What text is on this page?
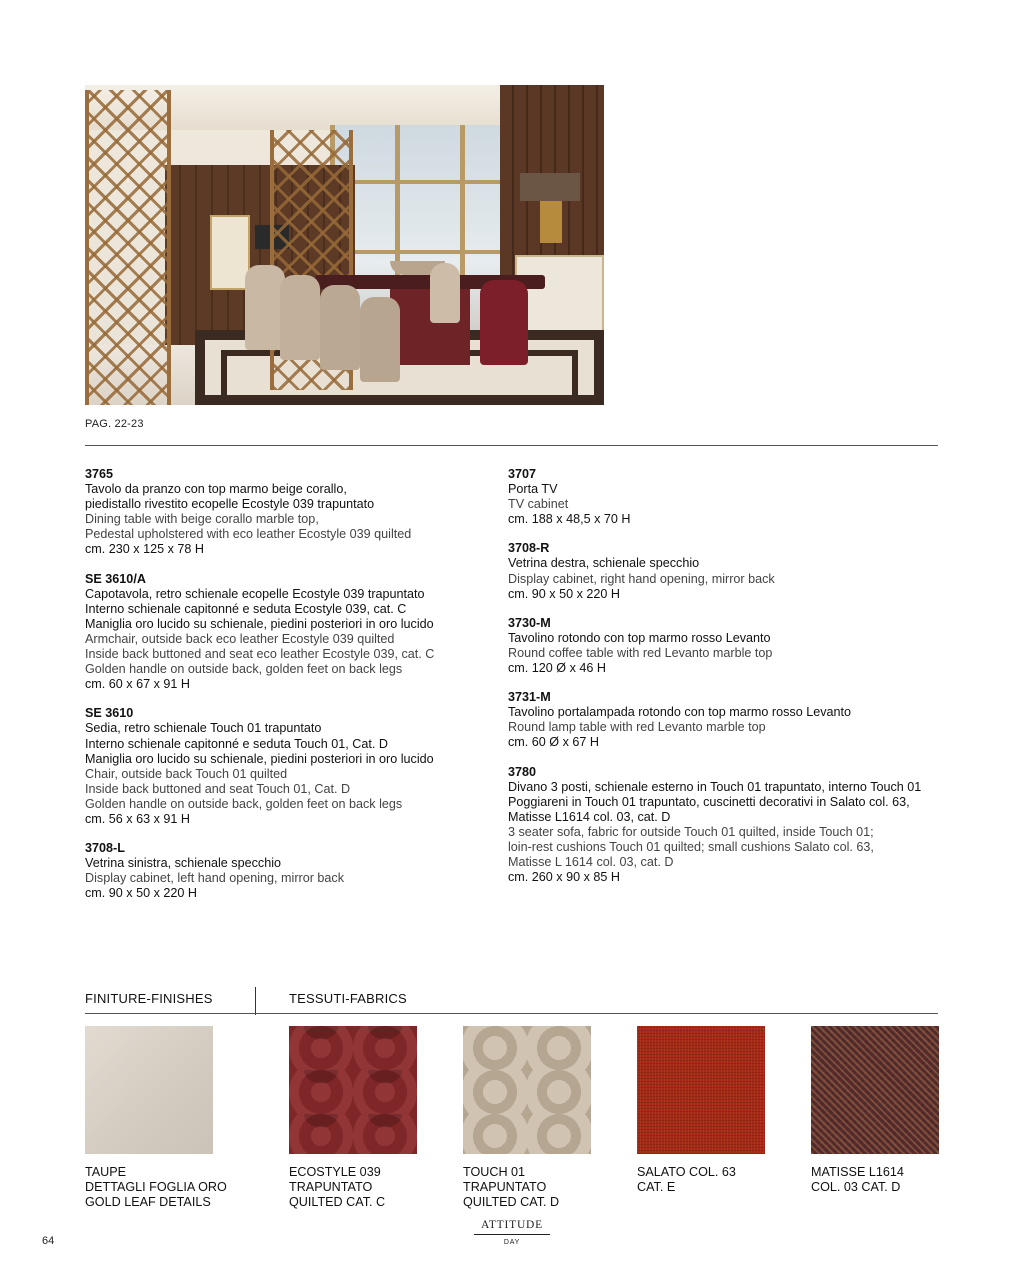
PAG. 22-23
3765
Tavolo da pranzo con top marmo beige corallo,
piedistallo rivestito ecopelle Ecostyle 039 trapuntato
Dining table with beige corallo marble top,
Pedestal upholstered with eco leather Ecostyle 039 quilted
cm. 230 x 125 x 78 H
SE 3610/A
Capotavola, retro schienale ecopelle Ecostyle 039 trapuntato
Interno schienale capitonné e seduta Ecostyle 039, cat. C
Maniglia oro lucido su schienale, piedini posteriori in oro lucido
Armchair, outside back eco leather Ecostyle 039 quilted
Inside back buttoned and seat eco leather Ecostyle 039, cat. C
Golden handle on outside back, golden feet on back legs
cm. 60 x 67 x 91 H
SE 3610
Sedia, retro schienale Touch 01 trapuntato
Interno schienale capitonné e seduta Touch 01, Cat. D
Maniglia oro lucido su schienale, piedini posteriori in oro lucido
Chair, outside back Touch 01 quilted
Inside back buttoned and seat Touch 01, Cat. D
Golden handle on outside back, golden feet on back legs
cm. 56 x 63 x 91 H
3708-L
Vetrina sinistra, schienale specchio
Display cabinet, left hand opening, mirror back
cm. 90 x 50 x 220 H
3707
Porta TV
TV cabinet
cm. 188 x 48,5 x 70 H
3708-R
Vetrina destra, schienale specchio
Display cabinet, right hand opening, mirror back
cm. 90 x 50 x 220 H
3730-M
Tavolino rotondo con top marmo rosso Levanto
Round coffee table with red Levanto marble top
cm. 120 Ø x 46 H
3731-M
Tavolino portalampada rotondo con top marmo rosso Levanto
Round lamp table with red Levanto marble top
cm. 60 Ø x 67 H
3780
Divano 3 posti, schienale esterno in Touch 01 trapuntato, interno Touch 01
Poggiareni in Touch 01 trapuntato, cuscinetti decorativi in Salato col. 63,
Matisse L1614 col. 03, cat. D
3 seater sofa, fabric for outside Touch 01 quilted, inside Touch 01;
loin-rest cushions Touch 01 quilted; small cushions Salato col. 63,
Matisse L 1614 col. 03, cat. D
cm. 260 x 90 x 85 H
FINITURE-FINISHES	TESSUTI-FABRICS
TAUPE
DETTAGLI FOGLIA ORO
GOLD LEAF DETAILS
ECOSTYLE 039
TRAPUNTATO
QUILTED CAT. C
TOUCH 01
TRAPUNTATO
QUILTED CAT. D
SALATO COL. 63
CAT. E
MATISSE L1614
COL. 03 CAT. D
64
ATTITUDE
DAY
